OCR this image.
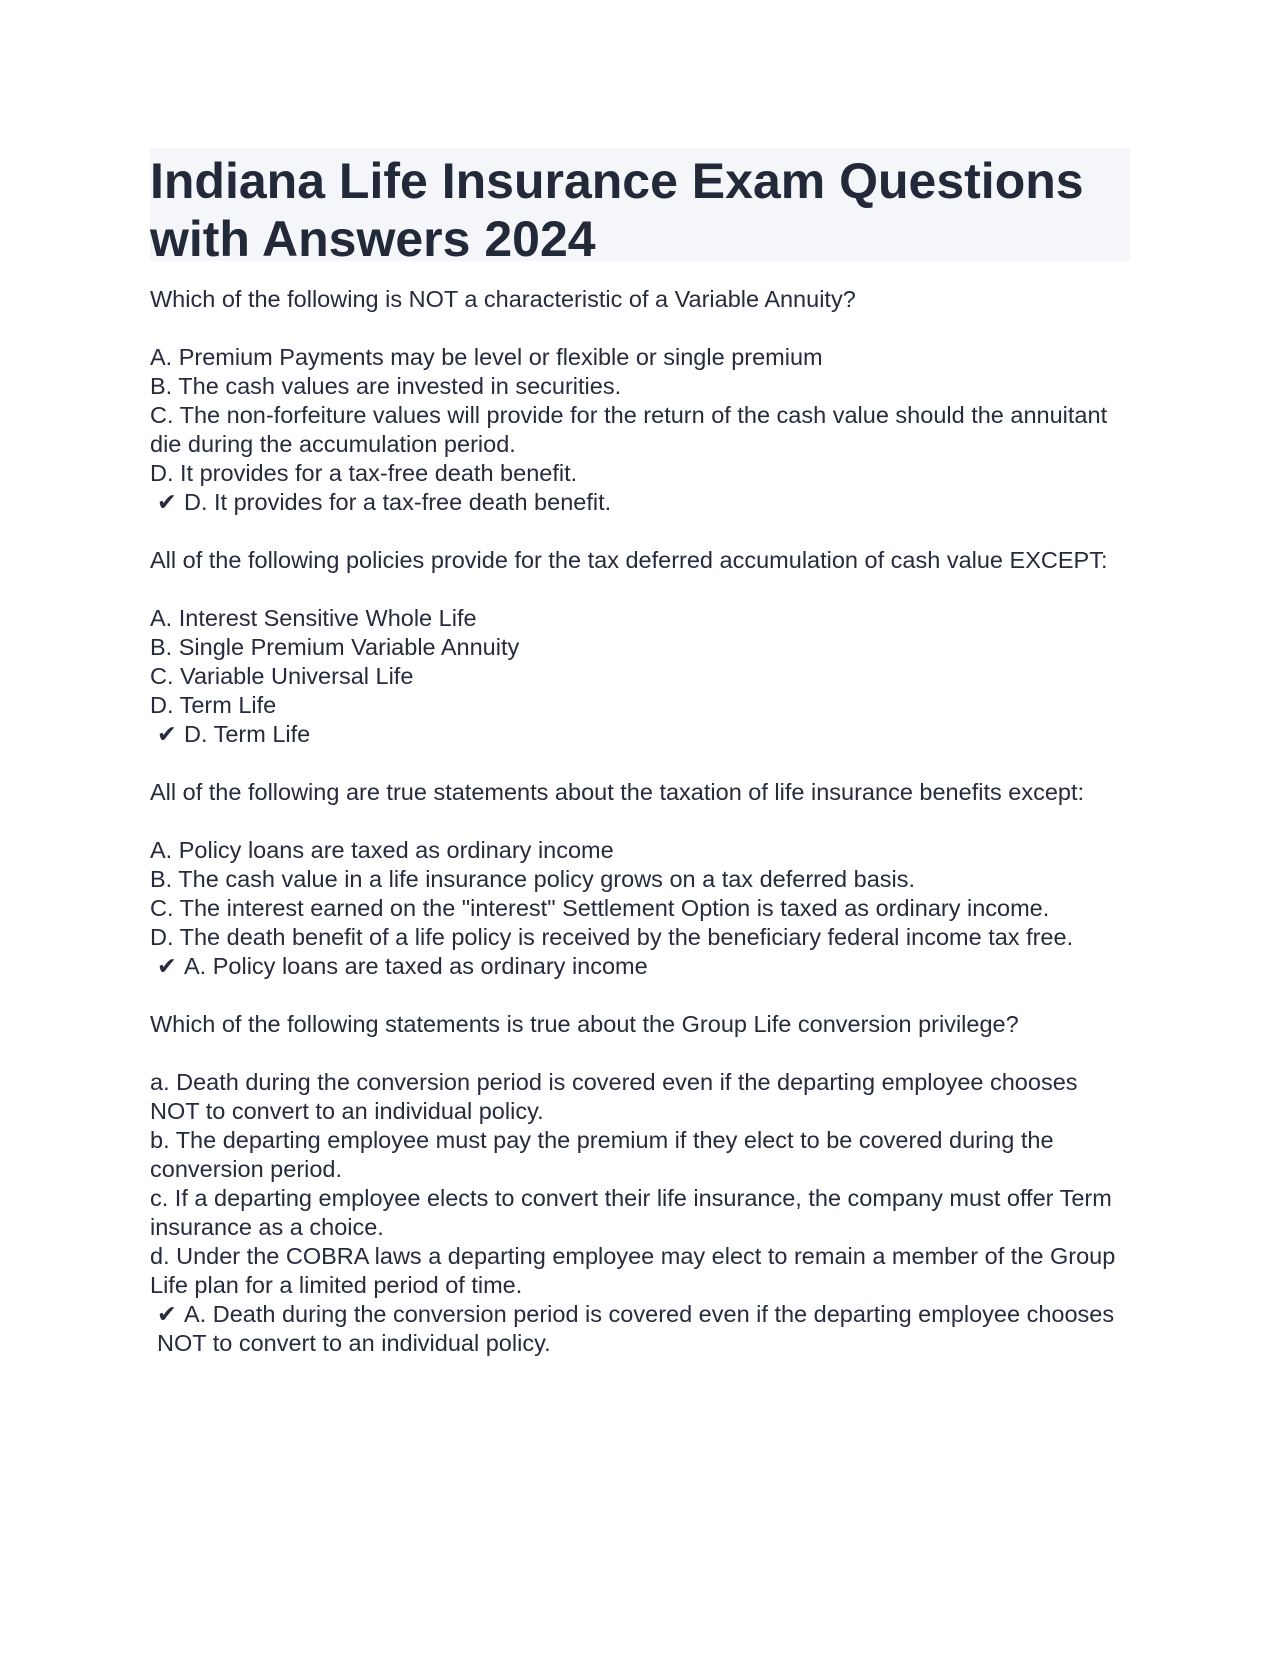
Indiana Life Insurance Exam Questions with Answers 2024

Which of the following is NOT a characteristic of a Variable Annuity?

A. Premium Payments may be level or flexible or single premium

B. The cash values are invested in securities.

C. The non-forfeiture values will provide for the return of the cash value should the annuitant die during the accumulation period.

D. It provides for a tax-free death benefit.

✔ D. It provides for a tax-free death benefit.

All of the following policies provide for the tax deferred accumulation of cash value EXCEPT:

A. Interest Sensitive Whole Life

B. Single Premium Variable Annuity

C. Variable Universal Life

D. Term Life

✔ D. Term Life

All of the following are true statements about the taxation of life insurance benefits except:

A. Policy loans are taxed as ordinary income

B. The cash value in a life insurance policy grows on a tax deferred basis.

C. The interest earned on the "interest" Settlement Option is taxed as ordinary income.

D. The death benefit of a life policy is received by the beneficiary federal income tax free.

✔ A. Policy loans are taxed as ordinary income

Which of the following statements is true about the Group Life conversion privilege?

a. Death during the conversion period is covered even if the departing employee chooses NOT to convert to an individual policy.

b. The departing employee must pay the premium if they elect to be covered during the conversion period.

c. If a departing employee elects to convert their life insurance, the company must offer Term insurance as a choice.

d. Under the COBRA laws a departing employee may elect to remain a member of the Group Life plan for a limited period of time.

✔ A. Death during the conversion period is covered even if the departing employee chooses NOT to convert to an individual policy.
